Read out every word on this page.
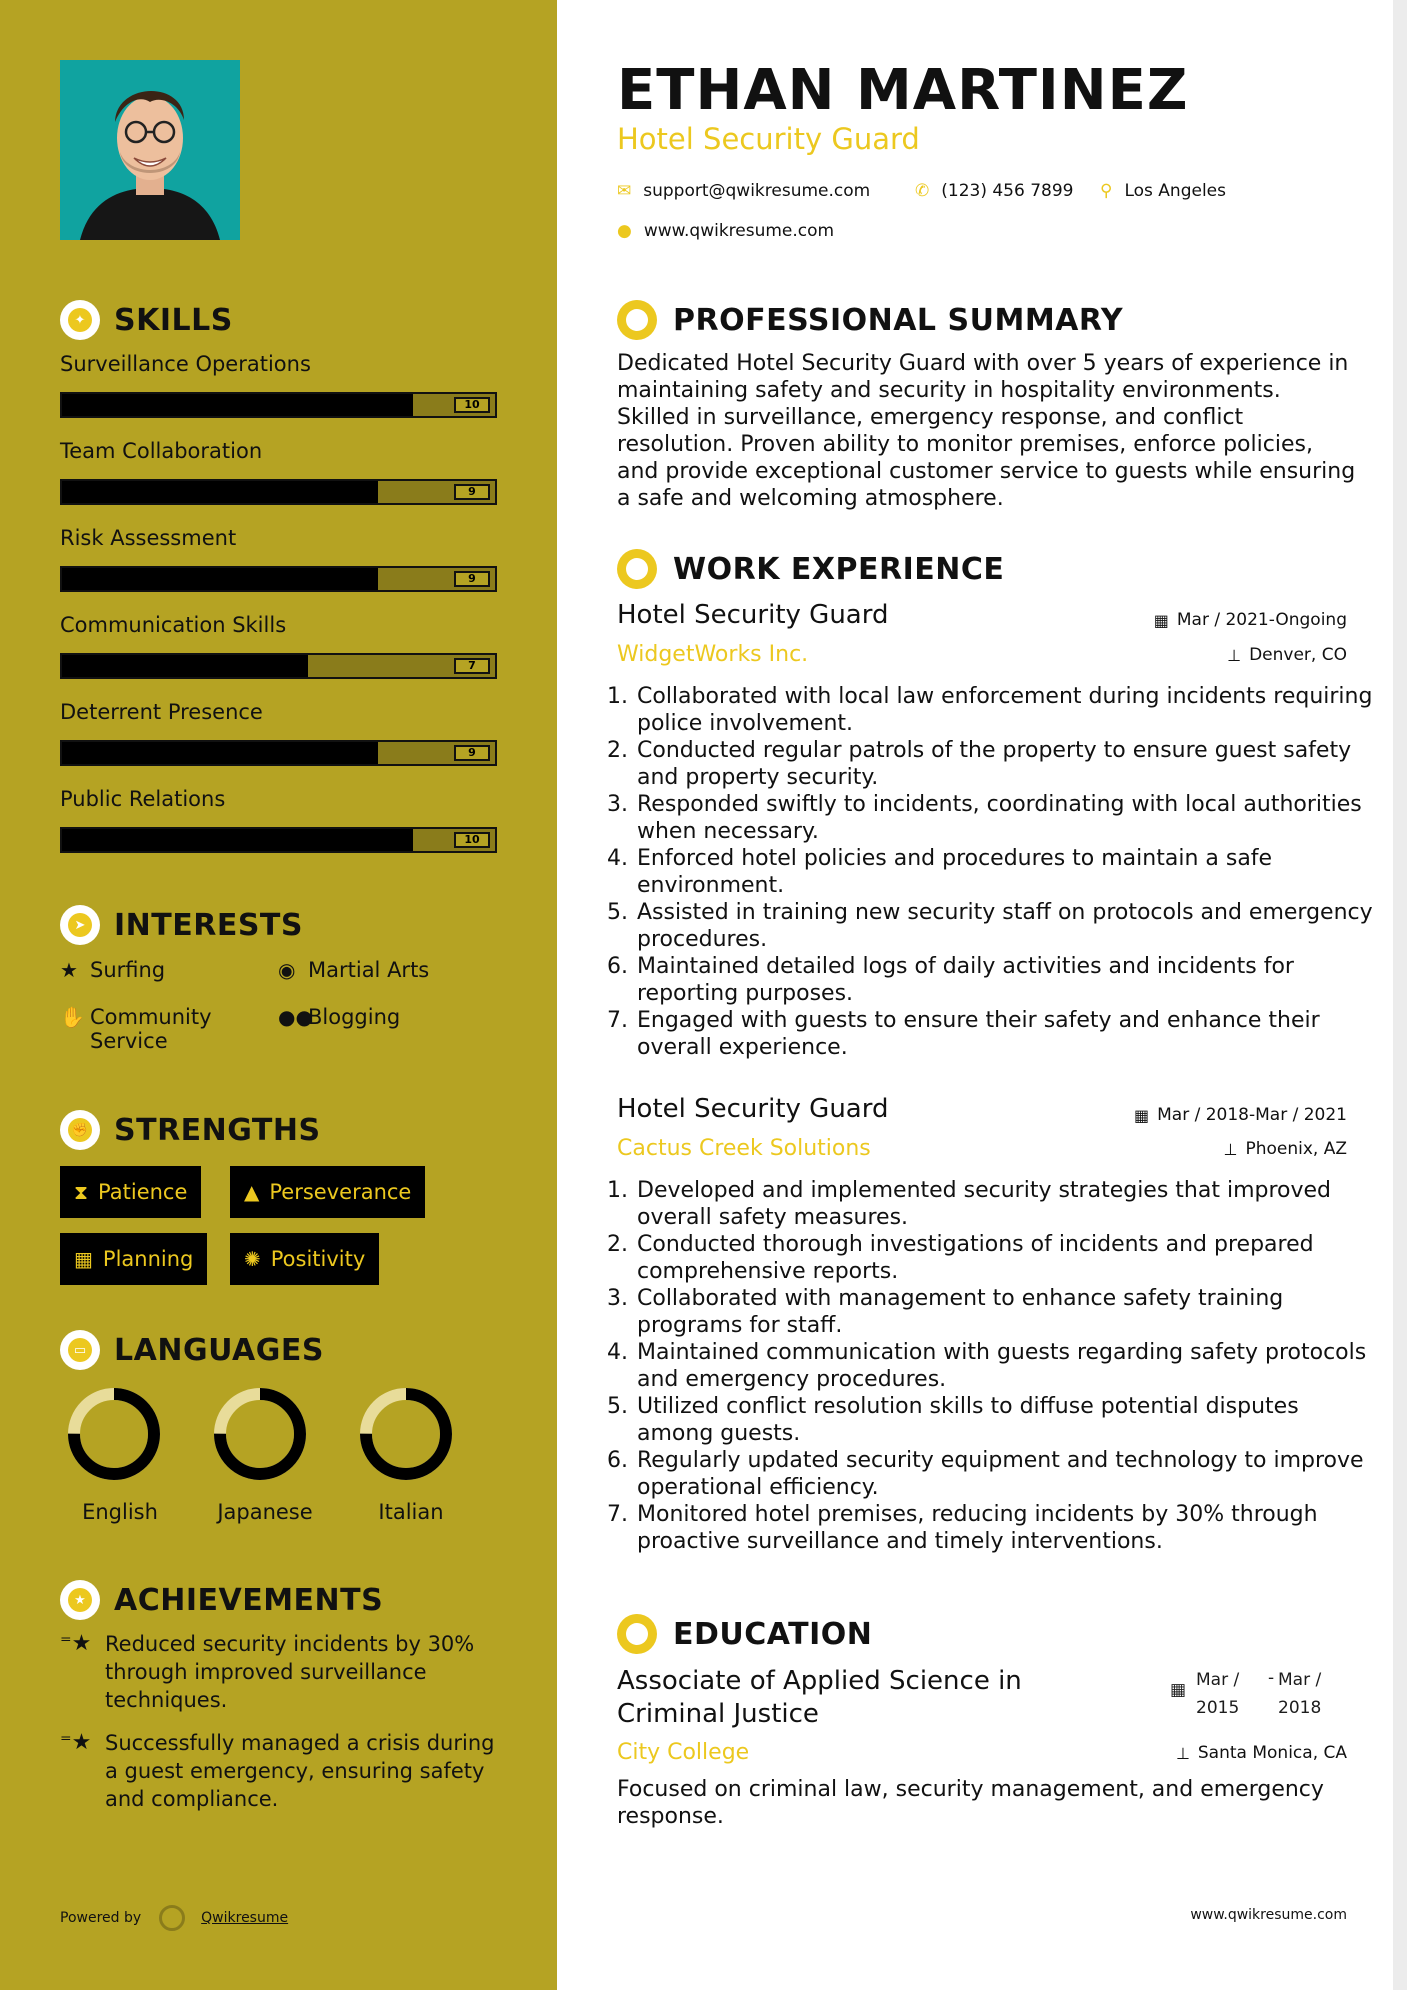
✦ SKILLS
Surveillance Operations
10
Team Collaboration
9
Risk Assessment
9
Communication Skills
7
Deterrent Presence
9
Public Relations
10
➤ INTERESTS
★ Surfing	◉ Martial Arts
✋ Community Service
●●
Blogging
✊ STRENGTHS
⧗ Patience	▲ Perseverance
▦ Planning	✺ Positivity
▭ LANGUAGES
English	Japanese	Italian
★ ACHIEVEMENTS
⁼★ Reduced security incidents by 30% through improved surveillance techniques.
⁼★ Successfully managed a crisis during a guest emergency, ensuring safety and compliance.
Powered by	Qwikresume
ETHAN MARTINEZ
Hotel Security Guard
✉ support@qwikresume.com	✆ (123) 456 7899 ⚲ Los Angeles
● www.qwikresume.com
PROFESSIONAL SUMMARY
Dedicated Hotel Security Guard with over 5 years of experience in maintaining safety and security in hospitality environments. Skilled in surveillance, emergency response, and conflict resolution. Proven ability to monitor premises, enforce policies, and provide exceptional customer service to guests while ensuring a safe and welcoming atmosphere.
WORK EXPERIENCE
Hotel Security Guard	▦ Mar / 2021-Ongoing
WidgetWorks Inc.	⊥ Denver, CO
1. Collaborated with local law enforcement during incidents requiring police involvement.
2. Conducted regular patrols of the property to ensure guest safety and property security.
3. Responded swiftly to incidents, coordinating with local authorities when necessary.
4. Enforced hotel policies and procedures to maintain a safe environment.
5. Assisted in training new security staff on protocols and emergency procedures.
6. Maintained detailed logs of daily activities and incidents for reporting purposes.
7. Engaged with guests to ensure their safety and enhance their overall experience.
Hotel Security Guard	▦ Mar / 2018-Mar / 2021
Cactus Creek Solutions	⊥ Phoenix, AZ
1. Developed and implemented security strategies that improved overall safety measures.
2. Conducted thorough investigations of incidents and prepared comprehensive reports.
3. Collaborated with management to enhance safety training programs for staff.
4. Maintained communication with guests regarding safety protocols and emergency procedures.
5. Utilized conflict resolution skills to diffuse potential disputes among guests.
6. Regularly updated security equipment and technology to improve operational efficiency.
7. Monitored hotel premises, reducing incidents by 30% through proactive surveillance and timely interventions.
EDUCATION
Associate of Applied Science in
Criminal Justice
▦ Mar /
2015
- Mar /
2018
City College	⊥ Santa Monica, CA
Focused on criminal law, security management, and emergency response.
www.qwikresume.com
